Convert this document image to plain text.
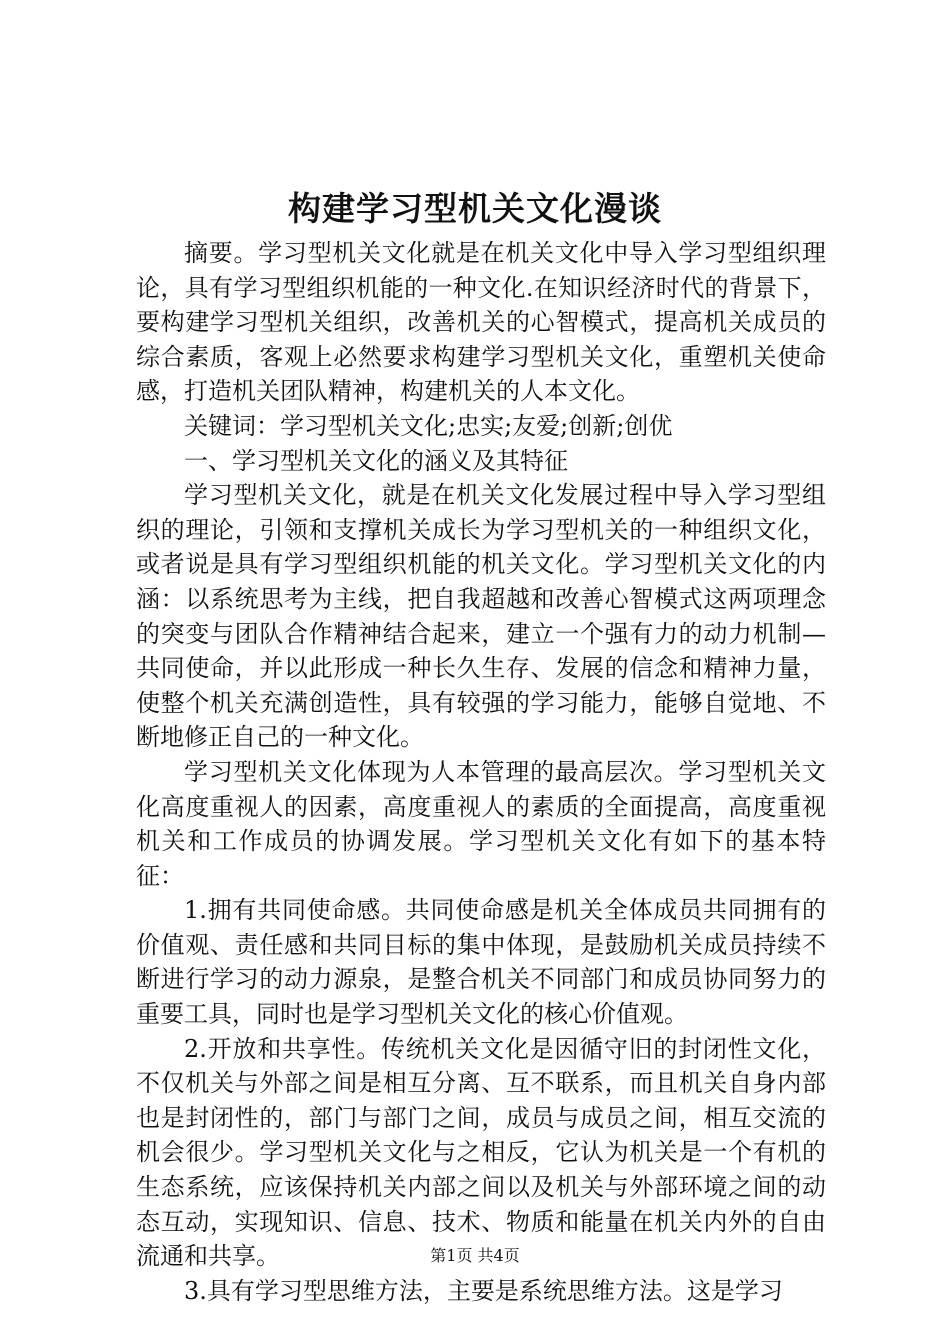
构建学习型机关文化漫谈

摘要。学习型机关文化就是在机关文化中导入学习型组织理论，具有学习型组织机能的一种文化.在知识经济时代的背景下，要构建学习型机关组织，改善机关的心智模式，提高机关成员的综合素质，客观上必然要求构建学习型机关文化，重塑机关使命感，打造机关团队精神，构建机关的人本文化。

关键词：学习型机关文化;忠实;友爱;创新;创优

一、学习型机关文化的涵义及其特征

学习型机关文化，就是在机关文化发展过程中导入学习型组织的理论，引领和支撑机关成长为学习型机关的一种组织文化，或者说是具有学习型组织机能的机关文化。学习型机关文化的内涵：以系统思考为主线，把自我超越和改善心智模式这两项理念的突变与团队合作精神结合起来，建立一个强有力的动力机制—共同使命，并以此形成一种长久生存、发展的信念和精神力量，使整个机关充满创造性，具有较强的学习能力，能够自觉地、不断地修正自己的一种文化。

学习型机关文化体现为人本管理的最高层次。学习型机关文化高度重视人的因素，高度重视人的素质的全面提高，高度重视机关和工作成员的协调发展。学习型机关文化有如下的基本特征：

1.拥有共同使命感。共同使命感是机关全体成员共同拥有的价值观、责任感和共同目标的集中体现，是鼓励机关成员持续不断进行学习的动力源泉，是整合机关不同部门和成员协同努力的重要工具，同时也是学习型机关文化的核心价值观。

2.开放和共享性。传统机关文化是因循守旧的封闭性文化，不仅机关与外部之间是相互分离、互不联系，而且机关自身内部也是封闭性的，部门与部门之间，成员与成员之间，相互交流的机会很少。学习型机关文化与之相反，它认为机关是一个有机的生态系统，应该保持机关内部之间以及机关与外部环境之间的动态互动，实现知识、信息、技术、物质和能量在机关内外的自由流通和共享。

3.具有学习型思维方法，主要是系统思维方法。这是学习

第1页 共4页
